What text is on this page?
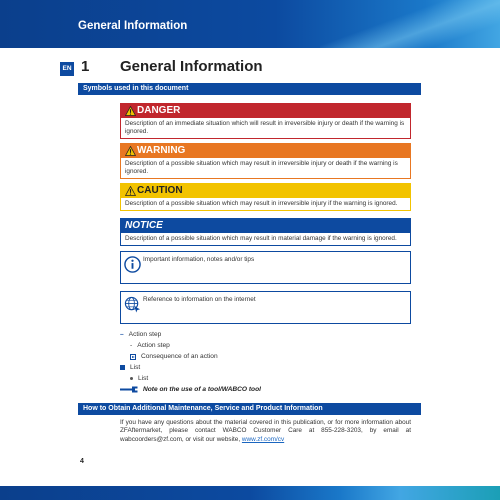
General Information
EN 1 General Information
Symbols used in this document
DANGER
Description of an immediate situation which will result in irreversible injury or death if the warning is ignored.
WARNING
Description of a possible situation which may result in irreversible injury or death if the warning is ignored.
CAUTION
Description of a possible situation which may result in irreversible injury if the warning is ignored.
NOTICE
Description of a possible situation which may result in material damage if the warning is ignored.
Important information, notes and/or tips
Reference to information on the internet
– Action step
- Action step
Consequence of an action
List
List
Note on the use of a tool/WABCO tool
How to Obtain Additional Maintenance, Service and Product Information
If you have any questions about the material covered in this publication, or for more information about ZFAftermarket, please contact WABCO Customer Care at 855-228-3203, by email at wabcoorders@zf.com, or visit our website, www.zf.com/cv
4
